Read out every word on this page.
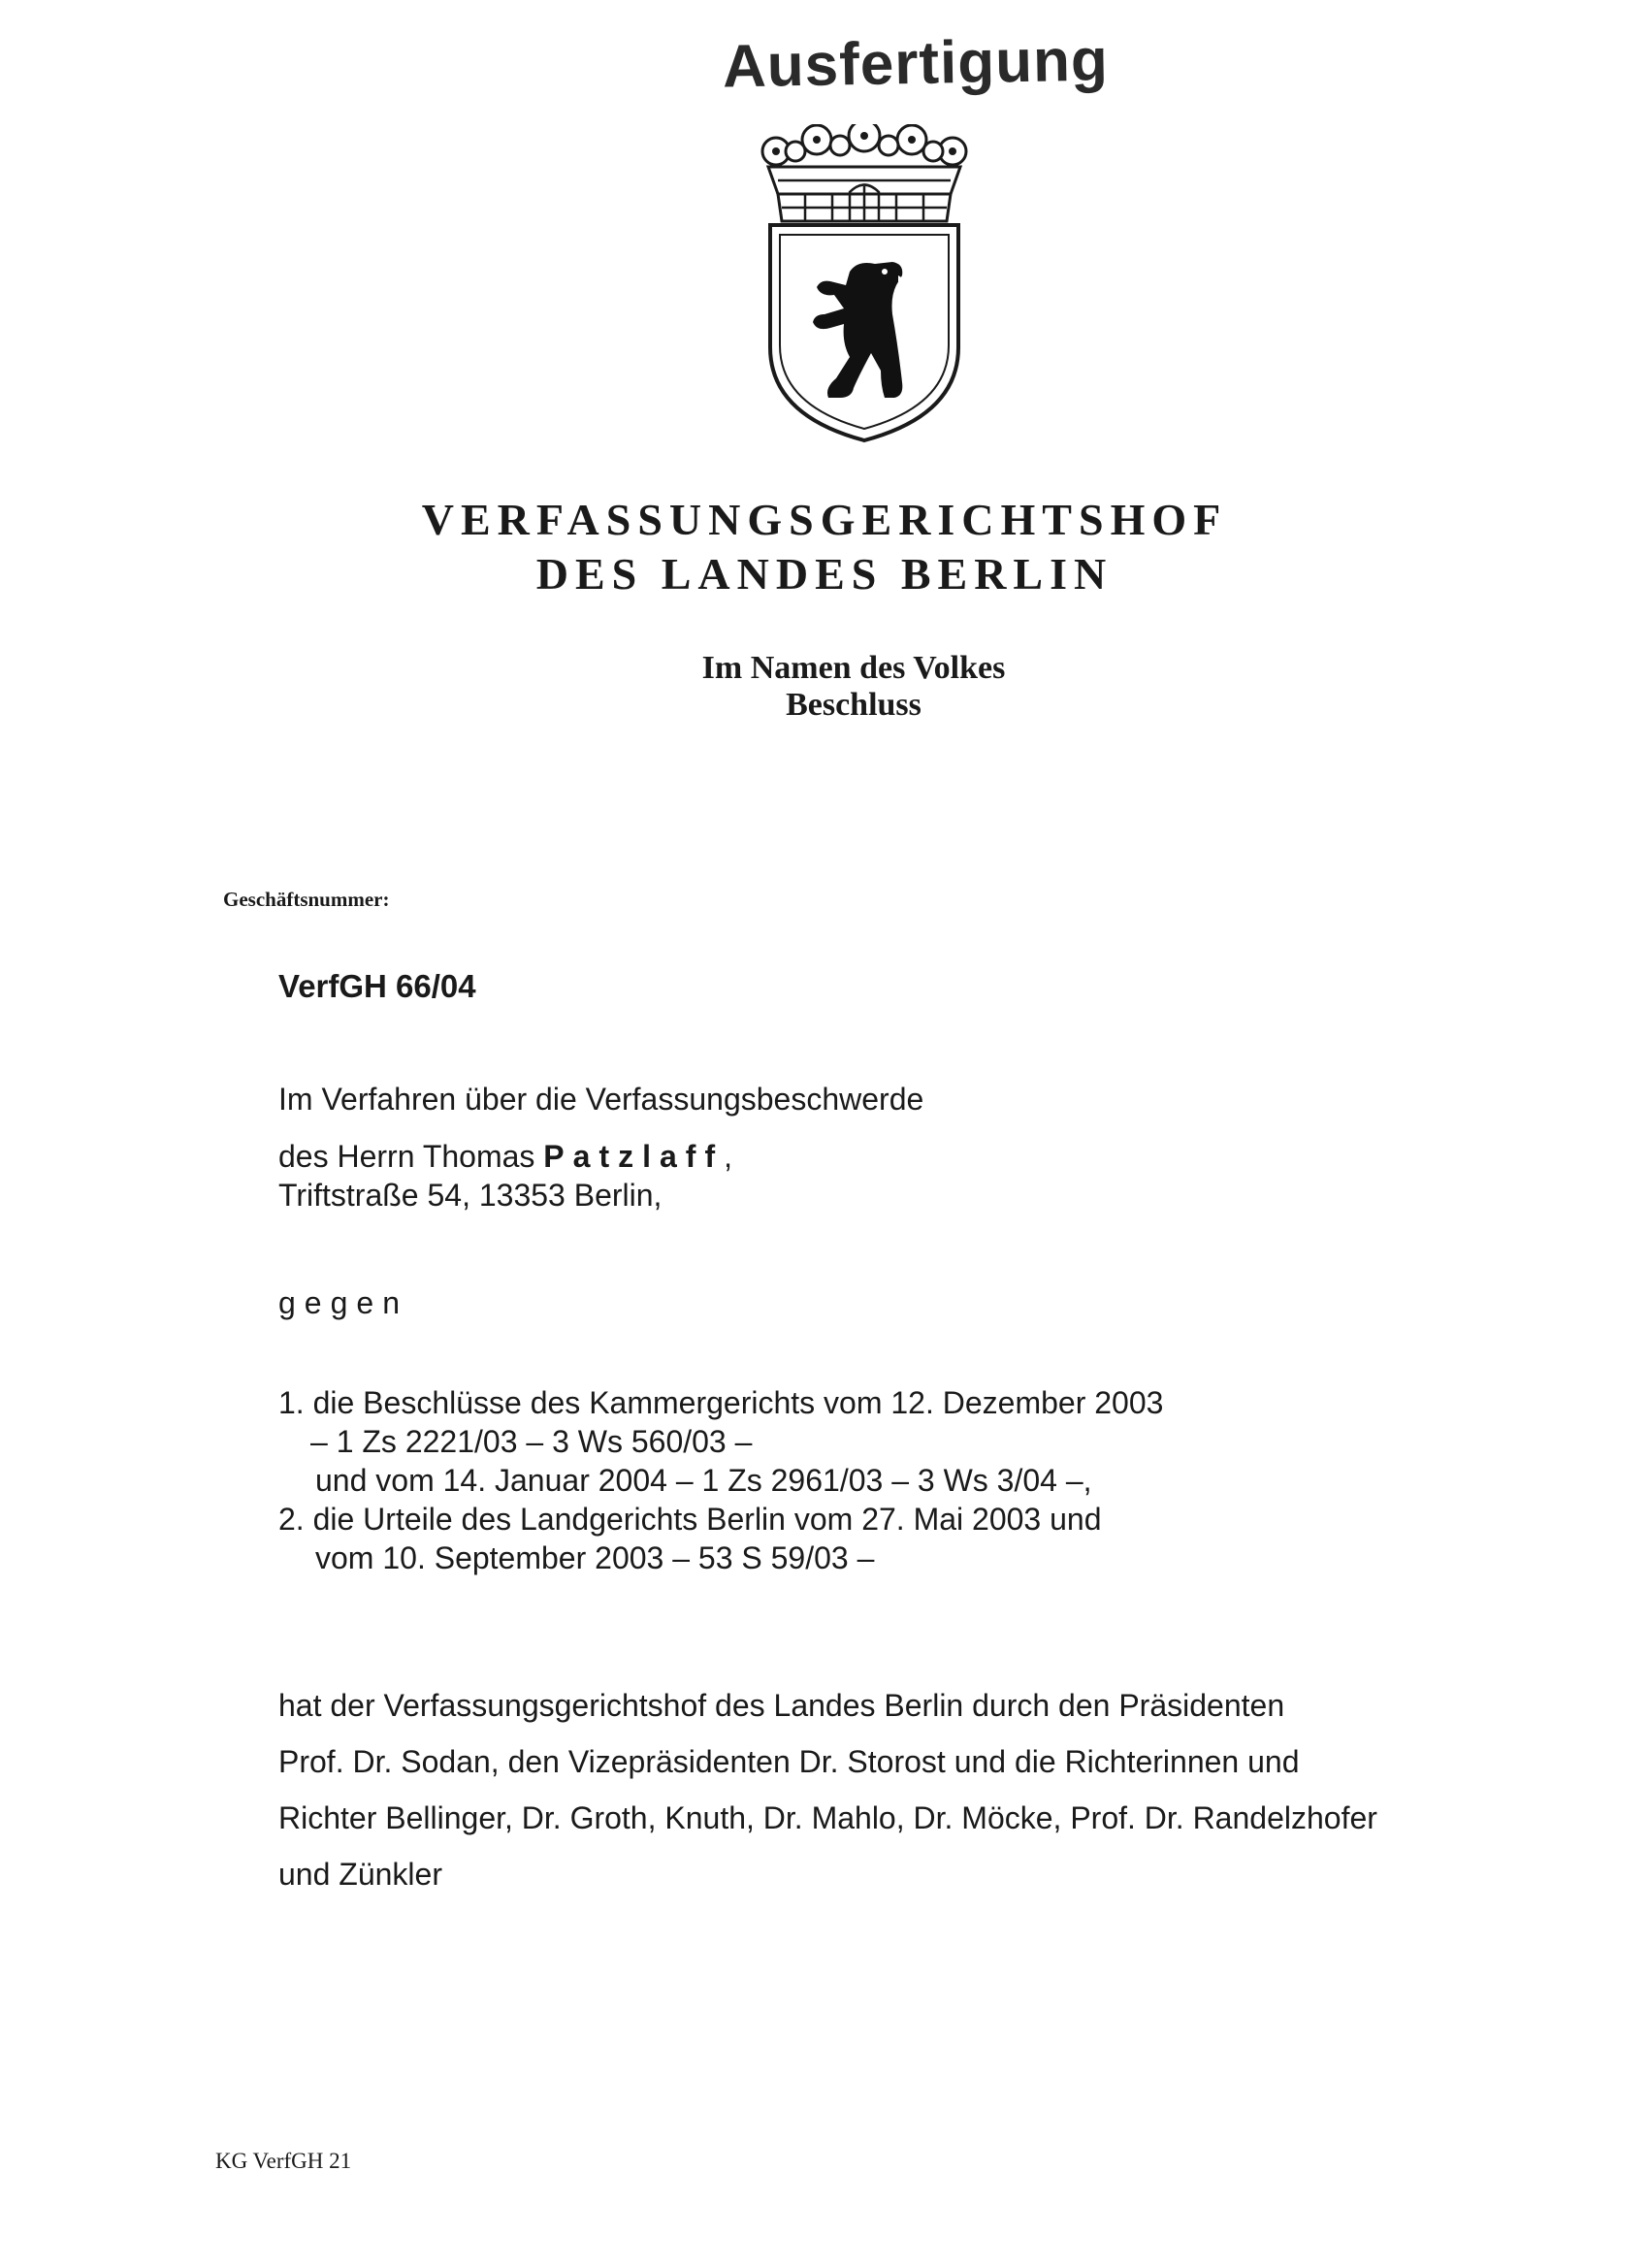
Ausfertigung
VERFASSUNGSGERICHTSHOF
DES LANDES BERLIN
Im Namen des Volkes
Beschluss
Geschäftsnummer:
VerfGH 66/04
Im Verfahren über die Verfassungsbeschwerde
des Herrn Thomas Patzlaff,
Triftstraße 54, 13353 Berlin,
gegen
1. die Beschlüsse des Kammergerichts vom 12. Dezember 2003
– 1 Zs 2221/03 – 3 Ws 560/03 –
und vom 14. Januar 2004 – 1 Zs 2961/03 – 3 Ws 3/04 –,
2. die Urteile des Landgerichts Berlin vom 27. Mai 2003 und
vom 10. September 2003 – 53 S 59/03 –
hat der Verfassungsgerichtshof des Landes Berlin durch den Präsidenten
Prof. Dr. Sodan, den Vizepräsidenten Dr. Storost und die Richterinnen und
Richter Bellinger, Dr. Groth, Knuth, Dr. Mahlo, Dr. Möcke, Prof. Dr. Randelzhofer
und Zünkler
KG VerfGH 21
